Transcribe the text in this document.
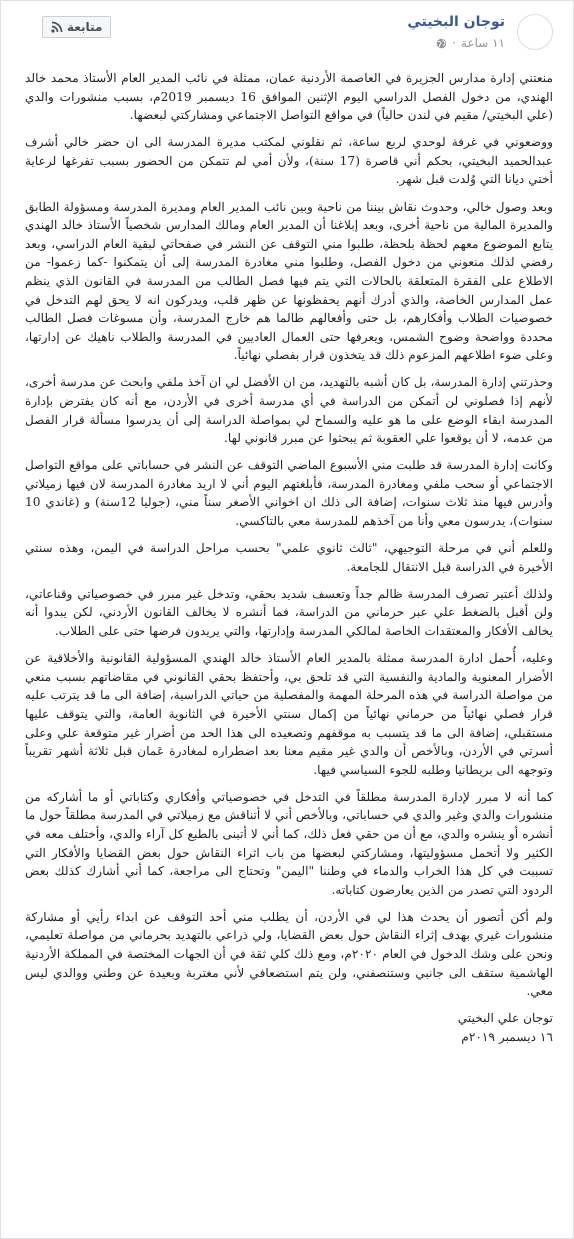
توجان البخيتي
١١ ساعة
·
متابعة

منعتني إدارة مدارس الجزيرة في العاصمة الأردنية عمان، ممثلة في نائب المدير العام الأستاذ محمد خالد الهندي، من دخول الفصل الدراسي اليوم الإثنين الموافق 16 ديسمبر 2019م، بسبب منشورات والدي (علي البخيتي/ مقيم في لندن حالياً) في مواقع التواصل الاجتماعي ومشاركتي لبعضها.

ووضعوني في غرفة لوحدي لربع ساعة، ثم نقلوني لمكتب مديرة المدرسة الى ان حضر خالي أشرف عبدالحميد البخيتي، بحكم أني قاصرة (17 سنة)، ولأن أمي لم تتمكن من الحضور بسبب تفرغها لرعاية أختي ديانا التي وُلدت قبل شهر.

وبعد وصول خالي، وحدوث نقاش بيننا من ناحية وبين نائب المدير العام ومديرة المدرسة ومسؤولة الطابق والمديرة المالية من ناحية أخرى، وبعد إبلاغنا أن المدير العام ومالك المدارس شخصياً الأستاذ خالد الهندي يتابع الموضوع معهم لحظة بلحظة، طلبوا مني التوقف عن النشر في صفحاتي لبقية العام الدراسي، وبعد رفضي لذلك منعوني من دخول الفصل، وطلبوا مني مغادرة المدرسة إلى أن يتمكنوا -كما زعموا- من الاطلاع على الفقرة المتعلقة بالحالات التي يتم فيها فصل الطالب من المدرسة في القانون الذي ينظم عمل المدارس الخاصة، والذي أدرك أنهم يحفظونها عن ظهر قلب، ويدركون انه لا يحق لهم التدخل في خصوصيات الطلاب وأفكارهم، بل حتى وأفعالهم طالما هم خارج المدرسة، وأن مسوغات فصل الطالب محددة وواضحة وضوح الشمس، ويعرفها حتى العمال العاديين في المدرسة والطلاب ناهيك عن إدارتها، وعلى ضوء اطلاعهم المزعوم ذلك قد يتخذون قرار بفصلي نهائياً.

وحذرتني إدارة المدرسة، بل كان أشبه بالتهديد، من ان الأفضل لي ان آخذ ملفي وابحث عن مدرسة أخرى، لأنهم إذا فصلوني لن أتمكن من الدراسة في أي مدرسة أخرى في الأردن، مع أنه كان يفترض بإدارة المدرسة ابقاء الوضع على ما هو عليه والسماح لي بمواصلة الدراسة إلى أن يدرسوا مسألة قرار الفصل من عدمه، لا أن يوقعوا علي العقوبة ثم يبحثوا عن مبرر قانوني لها.

وكانت إدارة المدرسة قد طلبت مني الأسبوع الماضي التوقف عن النشر في حساباتي على مواقع التواصل الاجتماعي أو سحب ملفي ومغادرة المدرسة، فأبلغتهم اليوم أني لا اريد مغادرة المدرسة لان فيها زميلاتي وأدرس فيها منذ ثلاث سنوات، إضافة الى ذلك ان اخواني الأصغر سناً مني، (جوليا 12سنة) و (غاندي 10 سنوات)، يدرسون معي وأنا من آخذهم للمدرسة معي بالتاكسي.

وللعلم أني في مرحلة التوجيهي، "ثالث ثانوي علمي" بحسب مراحل الدراسة في اليمن، وهذه سنتي الأخيرة في الدراسة قبل الانتقال للجامعة.

ولذلك أعتبر تصرف المدرسة ظالم جداً وتعسف شديد بحقي، وتدخل غير مبرر في خصوصياتي وقناعاتي، ولن أقبل بالضغط علي عبر حرماني من الدراسة، فما أنشره لا يخالف القانون الأردني، لكن يبدوا أنه يخالف الأفكار والمعتقدات الخاصة لمالكي المدرسة وإدارتها، والتي يريدون فرضها حتى على الطلاب.

وعليه، أُحمل ادارة المدرسة ممثلة بالمدير العام الأستاذ خالد الهندي المسؤولية القانونية والأخلاقية عن الأضرار المعنوية والمادية والنفسية التي قد تلحق بي، وأحتفظ بحقي القانوني في مقاضاتهم بسبب منعي من مواصلة الدراسة في هذه المرحلة المهمة والمفصلية من حياتي الدراسية، إضافة الى ما قد يترتب عليه قرار فصلي نهائياً من حرماني نهائياً من إكمال سنتي الأخيرة في الثانوية العامة، والتي يتوقف عليها مستقبلي، إضافة الى ما قد يتسبب به موقفهم وتصعيده الى هذا الحد من أضرار غير متوقعة علي وعلى أسرتي في الأردن، وبالأخص أن والدي غير مقيم معنا بعد اضطراره لمغادرة عَمان قبل ثلاثة أشهر تقريباً وتوجهه الى بريطانيا وطلبه للجوء السياسي فيها.

كما أنه لا مبرر لإدارة المدرسة مطلقاً في التدخل في خصوصياتي وأفكاري وكتاباتي أو ما أشاركه من منشورات والدي وغير والدي في حساباتي، وبالأخص أني لا أتناقش مع زميلاتي في المدرسة مطلقاً حول ما أنشره أو ينشره والدي، مع أن من حقي فعل ذلك، كما أني لا أتبنى بالطبع كل آراء والدي، وأختلف معه في الكثير ولا أتحمل مسؤوليتها، ومشاركتي لبعضها من باب اثراء النقاش حول بعض القضايا والأفكار التي تسببت في كل هذا الخراب والدماء في وطننا "اليمن" وتحتاج الى مراجعة، كما أني أشارك كذلك بعض الردود التي تصدر من الذين يعارضون كتاباته.

ولم أكن أتصور أن يحدث هذا لي في الأردن، أن يطلب مني أحد التوقف عن ابداء رأيي أو مشاركة منشورات غيري بهدف إثراء النقاش حول بعض القضايا، ولي ذراعي بالتهديد بحرماني من مواصلة تعليمي، ونحن على وشك الدخول في العام ٢٠٢٠م، ومع ذلك كلي ثقة في أن الجهات المختصة في المملكة الأردنية الهاشمية ستقف الى جانبي وستنصفني، ولن يتم استضعافي لأني مغتربة وبعيدة عن وطني ووالدي ليس معي.

توجان علي البخيتي

١٦ ديسمبر ٢٠١٩م
